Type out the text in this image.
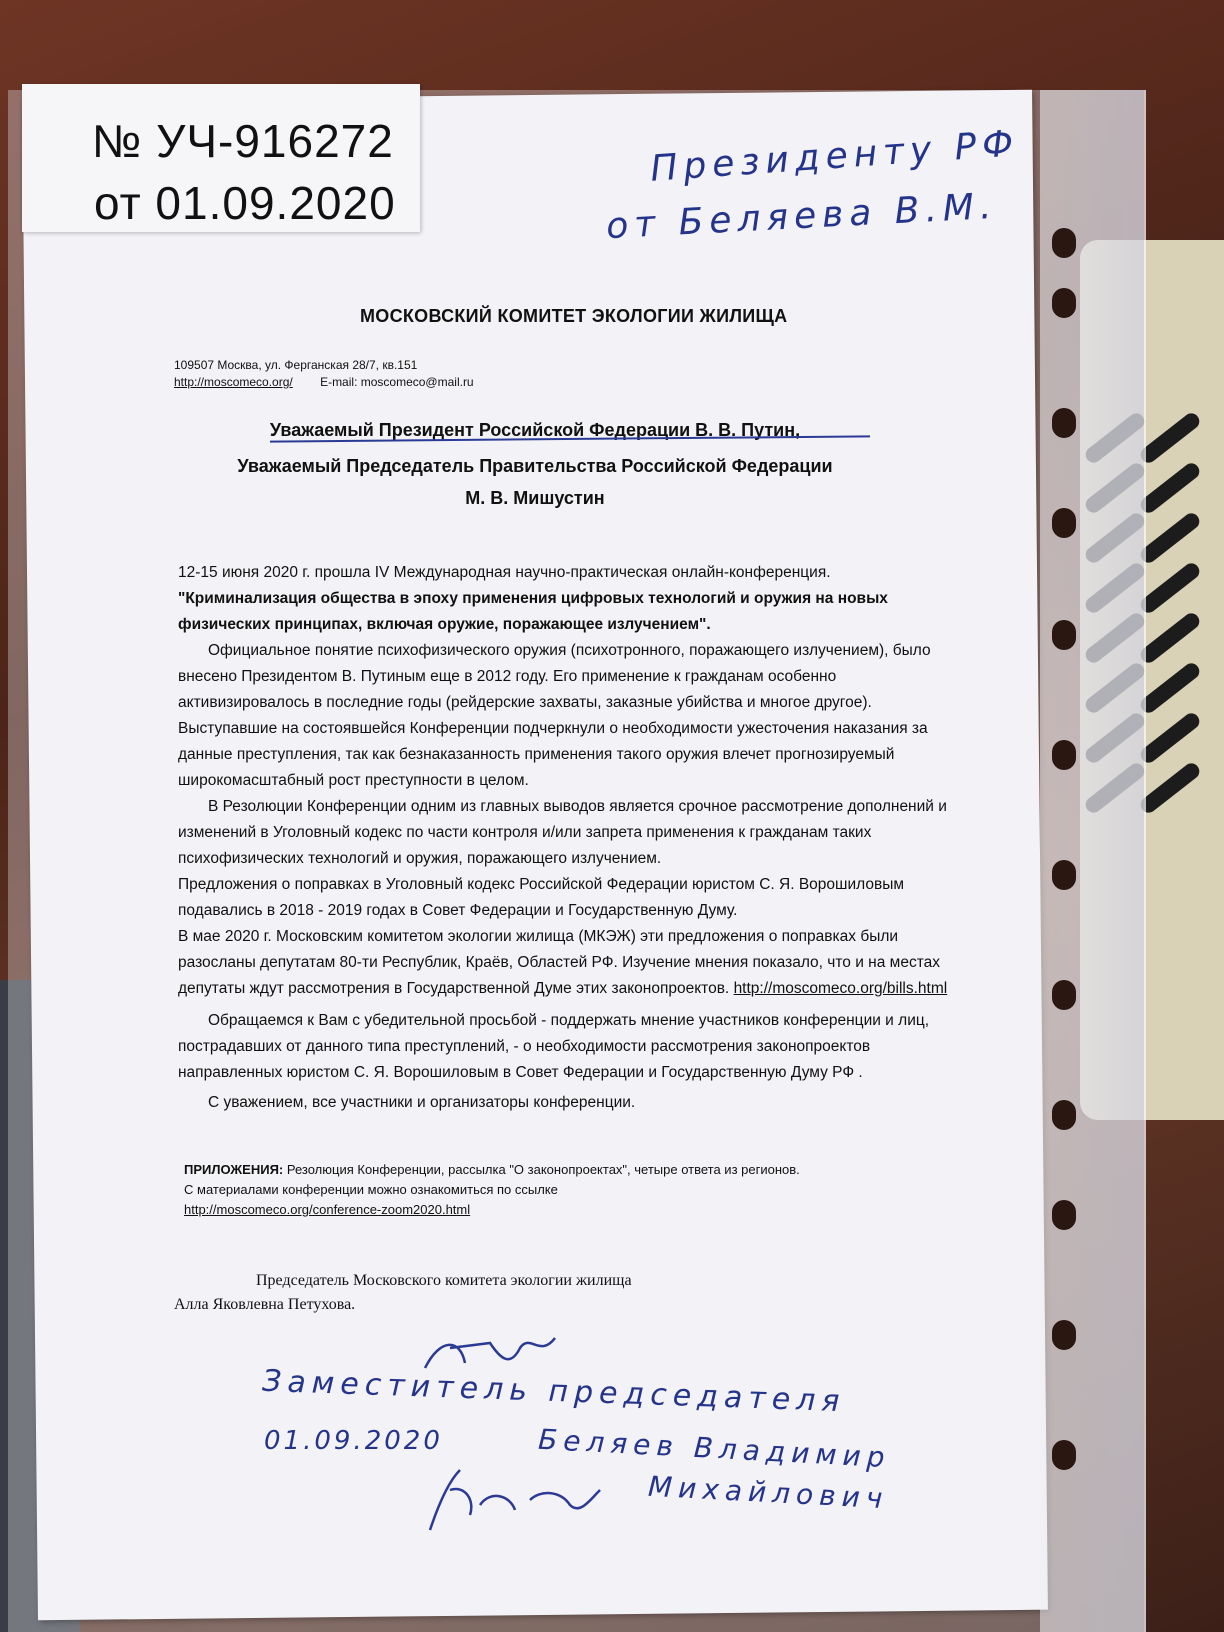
№ УЧ-916272
от 01.09.2020
Президенту РФ
от Беляева В.М.
МОСКОВСКИЙ КОМИТЕТ ЭКОЛОГИИ ЖИЛИЩА
109507 Москва, ул. Ферганская 28/7, кв.151
http://moscomeco.org/ E-mail: moscomeco@mail.ru
Уважаемый Президент Российской Федерации В. В. Путин,
Уважаемый Председатель Правительства Российской Федерации
М. В. Мишустин

12-15 июня 2020 г. прошла IV Международная научно-практическая онлайн-конференция.

"Криминализация общества в эпоху применения цифровых технологий и оружия на новых физических принципах, включая оружие, поражающее излучением".

Официальное понятие психофизического оружия (психотронного, поражающего излучением), было внесено Президентом В. Путиным еще в 2012 году. Его применение к гражданам особенно активизировалось в последние годы (рейдерские захваты, заказные убийства и многое другое). Выступавшие на состоявшейся Конференции подчеркнули о необходимости ужесточения наказания за данные преступления, так как безнаказанность применения такого оружия влечет прогнозируемый широкомасштабный рост преступности в целом.

В Резолюции Конференции одним из главных выводов является срочное рассмотрение дополнений и изменений в Уголовный кодекс по части контроля и/или запрета применения к гражданам таких психофизических технологий и оружия, поражающего излучением.

Предложения о поправках в Уголовный кодекс Российской Федерации юристом С. Я. Ворошиловым подавались в 2018 - 2019 годах в Совет Федерации и Государственную Думу.

В мае 2020 г. Московским комитетом экологии жилища (МКЭЖ) эти предложения о поправках были разосланы депутатам 80-ти Республик, Краёв, Областей РФ. Изучение мнения показало, что и на местах депутаты ждут рассмотрения в Государственной Думе этих законопроектов. http://moscomeco.org/bills.html

Обращаемся к Вам с убедительной просьбой - поддержать мнение участников конференции и лиц, пострадавших от данного типа преступлений, - о необходимости рассмотрения законопроектов направленных юристом С. Я. Ворошиловым в Совет Федерации и Государственную Думу РФ .

С уважением, все участники и организаторы конференции.

ПРИЛОЖЕНИЯ: Резолюция Конференции, рассылка "О законопроектах", четыре ответа из регионов.
С материалами конференции можно ознакомиться по ссылке
http://moscomeco.org/conference-zoom2020.html
Председатель Московского комитета экологии жилища
Алла Яковлевна Петухова.
Заместитель председателя
01.09.2020	Беляев Владимир
Михайлович
